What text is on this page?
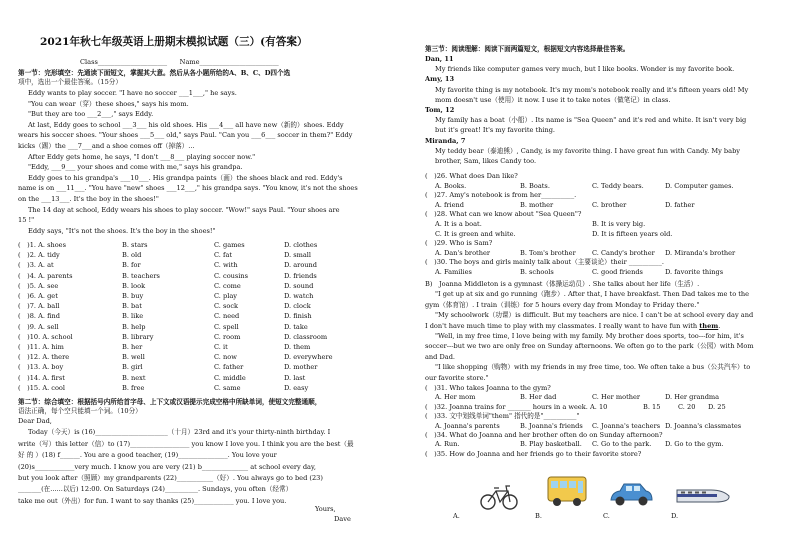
2021年秋七年级英语上册期末模拟试题（三）(有答案）
Class_____________________      Name________________________
第一节：完形填空：先通读下面短文，掌握其大意。然后从各小题所给的A、B、C、D四个选
项中，选出一个最佳答案。（15分）
Eddy wants to play soccer. "I have no soccer ___1___," he says.
"You can wear（穿）these shoes," says his mom.
"But they are too ___2___," says Eddy.
At last, Eddy goes to school ___3___ his old shoes. His ___4___ all have new（新的）shoes. Eddy
wears his soccer shoes. "Your shoes ___5___ old," says Paul. "Can you ___6___ soccer in them?" Eddy
kicks（踢）the ___7___and a shoe comes off（掉落）...
After Eddy gets home, he says, "I don't ___8___ playing soccer now."
"Eddy, ___9___ your shoes and come with me," says his grandpa.
Eddy goes to his grandpa's ___10___. His grandpa paints（画）the shoes black and red. Eddy's
name is on ___11___. "You have "new" shoes ___12___," his grandpa says. "You know, it's not the shoes
on the ___13___. It's the boy in the shoes!"
The 14 day at school, Eddy wears his shoes to play soccer. "Wow!" says Paul. "Your shoes are
15 !"
Eddy says, "It's not the shoes. It's the boy in the shoes!"
(　)1. A. shoes	B. stars	C. games	D. clothes
(　)2. A. tidy	B. old	C. fat	D. small
(　)3. A. at	B. for	C. with	D. around
(　)4. A. parents	B. teachers	C. cousins	D. friends
(　)5. A. see	B. look	C. come	D. sound
(　)6. A. get	B. buy	C. play	D. watch
(　)7. A. ball	B. bat	C. sock	D. clock
(　)8. A. find	B. like	C. need	D. finish
(　)9. A. sell	B. help	C. spell	D. take
(　)10. A. school	B. library	C. room	D. classroom
(　)11. A. him	B. her	C. it	D. them
(　)12. A. there	B. well	C. now	D. everywhere
(　)13. A. boy	B. girl	C. father	D. mother
(　)14. A. first	B. next	C. middle	D. last
(　)15. A. cool	B. free	C. same	D. easy
第二节：综合填空：根据括号内所给首字母、上下文或汉语提示完成空格中所缺单词，使短文完整通顺，
语法正确，每个空只能填一个词。（10分）
Dear Dad,
Today（今天）is (16)______________________（十月）23rd and it's your thirty-ninth birthday. I
write（写）this letter（信）to (17)__________________ you know I love you. I think you are the best（最
好 的 ）(18) f______. You are a good teacher, (19)_______________. You love your
(20)s____________very much. I know you are very (21) b______________ at school every day,
but you look after（照顾）my grandparents (22)___________（好）. You always go to bed (23)
_______(在......以后) 12:00. On Saturdays (24)__________. Sundays, you often（经常）
take me out（外出）for fun. I want to say thanks (25)____________ you. I love you.
Yours,
Dave
第三节：阅读理解：阅读下面两篇短文，根据短文内容选择最佳答案。
Dan, 11
My friends like computer games very much, but I like books. Wonder is my favorite book.
Amy, 13
My favorite thing is my notebook. It's my mom's notebook really and it's fifteen years old! My
mom doesn't use（使用）it now. I use it to take notes（做笔记）in class.
Tom, 12
My family has a boat（小船）. Its name is "Sea Queen" and it's red and white. It isn't very big
but it's great! It's my favorite thing.
Miranda, 7
My teddy bear（泰迪熊）, Candy, is my favorite thing. I have great fun with Candy. My baby
brother, Sam, likes Candy too.
(　)26. What does Dan like?
A. Books.	B. Boats.	C. Teddy bears.	D. Computer games.
(　)27. Amy's notebook is from her__________.
A. friend	B. mother	C. brother	D. father
(　)28. What can we know about "Sea Queen"?
A. It is a boat.	B. It is very big.
C. It is green and white.	D. It is fifteen years old.
(　)29. Who is Sam?
A. Dan's brother	B. Tom's brother C. Candy's brother D. Miranda's brother
(　)30. The boys and girls mainly talk about（主要谈论）their __________.
A. Families	B. schools	C. good friends	D. favorite things
B)　Joanna Middleton is a gymnast（体操运动员）. She talks about her life（生活）.
"I get up at six and go running（跑步）. After that, I have breakfast. Then Dad takes me to the
gym（体育馆）. I train（训练）for 5 hours every day from Monday to Friday there."
"My schoolwork（功课）is difficult. But my teachers are nice. I can't be at school every day and
I don't have much time to play with my classmates. I really want to have fun with them.
"Well, in my free time, I love being with my family. My brother does sports, too---for him, it's
soccer---but we two are only free on Sunday afternoons. We often go to the park（公园）with Mom
and Dad.
"I like shopping（购物）with my friends in my free time, too. We often take a bus（公共汽车）to
our favorite store."
(　)31. Who takes Joanna to the gym?
A. Her mom	B. Her dad	C. Her mother	D. Her grandma
(　)32. Joanna trains for _______ hours in a week. A. 10	B. 15	C. 20 D. 25
(　)33. 文中划线单词"them" 指代的是"__________"
A. Joanna's parents	B. Joanna's friends C. Joanna's teachers D. Joanna's classmates
(　)34. What do Joanna and her brother often do on Sunday afternoon?
A. Run.	B. Play basketball. C. Go to the park. D. Go to the gym.
(　)35. How do Joanna and her friends go to their favorite store?
A.	B.	C.	D.
